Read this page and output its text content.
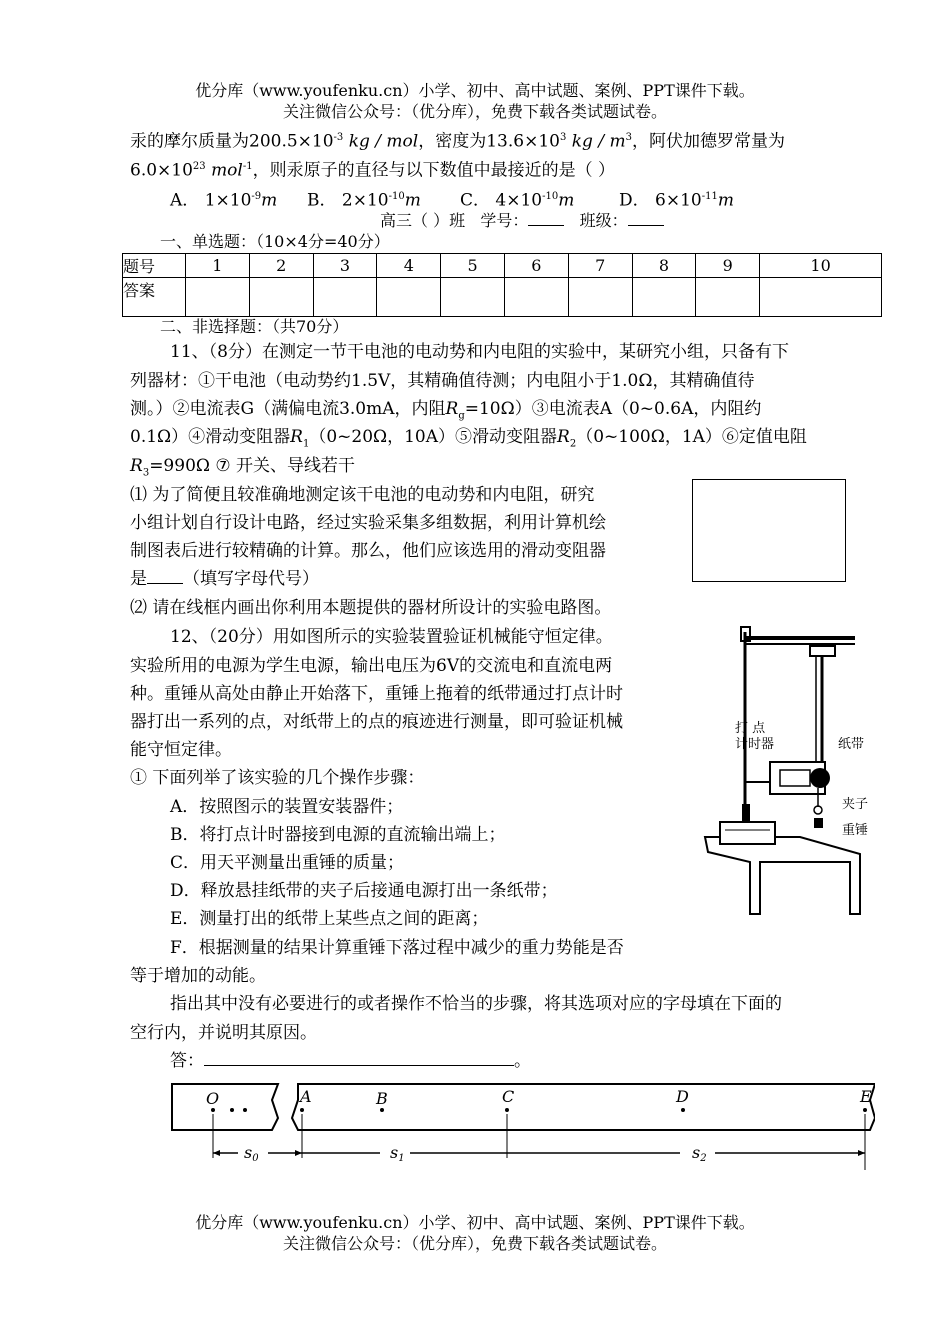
优分库（www.youfenku.cn）小学、初中、高中试题、案例、PPT课件下载。
关注微信公众号：（优分库），免费下载各类试题试卷。
汞的摩尔质量为$200.5\times 10^{-3}$ kg / mol，密度为$13.6\times 10^3$ kg / $m^3$，阿伏加德罗常量为
$6.0\times 10^{23}$ mol$^{-1}$，则汞原子的直径与以下数值中最接近的是（ ）
A． $1\times 10^{-9}m$ B． $2\times 10^{-10}m$ C． $4\times 10^{-10}m$	D． $6\times 10^{-11}m$
高三（ ）班 学号：	班级：
一、单选题：（10×4分=40分）
题号	1	2	3	4	5	6	7	8	9	10
答案										
二、非选择题：（共70分）
11、（8分）在测定一节干电池的电动势和内电阻的实验中，某研究小组，只备有下
列器材：①干电池（电动势约1.5V，其精确值待测；内电阻小于1.0Ω，其精确值待
测。）②电流表G（满偏电流3.0mA，内阻$R_g=10\Omega)③$电流表A（0~0.6A，内阻约
0.1Ω）④滑动变阻器$R_1(0\sim 20\Omega$，10A）⑤滑动变阻器$R_2(0\sim 100\Omega$，1A）⑥定值电阻
$R_3=990\Omega$ ⑦ 开关、导线若干
⑴ 为了简便且较准确地测定该干电池的电动势和内电阻，研究
小组计划自行设计电路，经过实验采集多组数据，利用计算机绘
制图表后进行较精确的计算。那么，他们应该选用的滑动变阻器
是 （填写字母代号）
⑵ 请在线框内画出你利用本题提供的器材所设计的实验电路图。
12、（20分）用如图所示的实验装置验证机械能守恒定律。
实验所用的电源为学生电源，输出电压为6V的交流电和直流电两
种。重锤从高处由静止开始落下，重锤上拖着的纸带通过打点计时
器打出一系列的点，对纸带上的点的痕迹进行测量，即可验证机械
能守恒定律。
① 下面列举了该实验的几个操作步骤：
A．按照图示的装置安装器件；
B．将打点计时器接到电源的直流输出端上；
C．用天平测量出重锤的质量；
D．释放悬挂纸带的夹子后接通电源打出一条纸带；
E．测量打出的纸带上某些点之间的距离；
F．根据测量的结果计算重锤下落过程中减少的重力势能是否
等于增加的动能。
指出其中没有必要进行的或者操作不恰当的步骤，将其选项对应的字母填在下面的
空行内，并说明其原因。
答：	。
打 点
计时器	纸带
夹子
重锤
O	A	B	C	D	E
s0	s1	s2
优分库（www.youfenku.cn）小学、初中、高中试题、案例、PPT课件下载。
关注微信公众号：（优分库），免费下载各类试题试卷。
